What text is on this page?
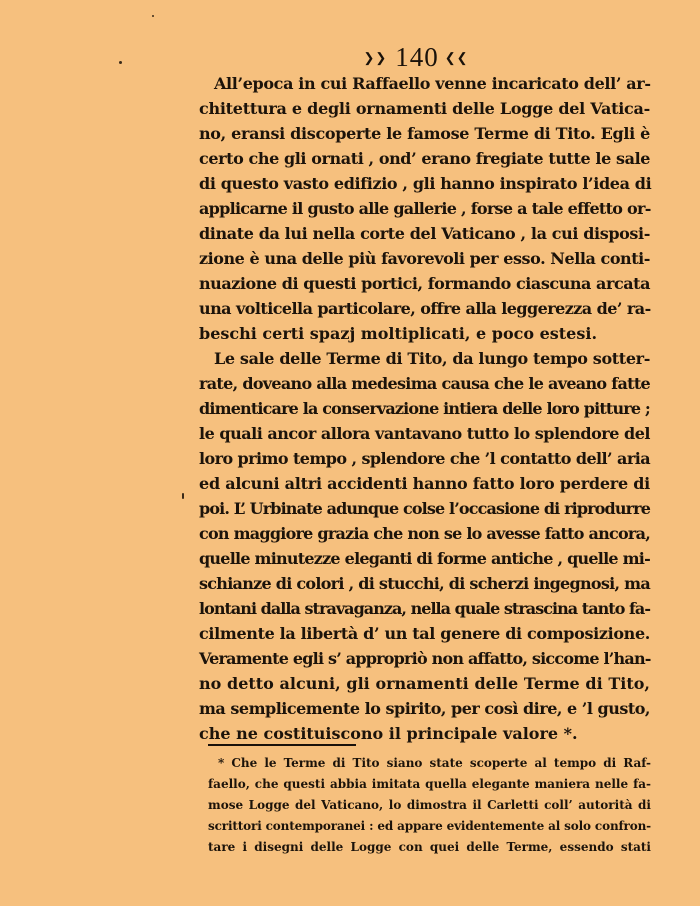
❯❯ 140 ❮❮
All’epoca in cui Raffaello venne incaricato dell’ ar-
chitettura e degli ornamenti delle Logge del Vatica-
no, eransi discoperte le famose Terme di Tito. Egli è
certo che gli ornati , ond’ erano fregiate tutte le sale
di questo vasto edifizio , gli hanno inspirato l’idea di
applicarne il gusto alle gallerie , forse a tale effetto or-
dinate da lui nella corte del Vaticano , la cui disposi-
zione è una delle più favorevoli per esso. Nella conti-
nuazione di questi portici, formando ciascuna arcata
una volticella particolare, offre alla leggerezza de’ ra-
beschi certi spazj moltiplicati, e poco estesi.
Le sale delle Terme di Tito, da lungo tempo sotter-
rate, doveano alla medesima causa che le aveano fatte
dimenticare la conservazione intiera delle loro pitture ;
le quali ancor allora vantavano tutto lo splendore del
loro primo tempo , splendore che ’l contatto dell’ aria
ed alcuni altri accidenti hanno fatto loro perdere di
poi. L’ Urbinate adunque colse l’occasione di riprodurre
con maggiore grazia che non se lo avesse fatto ancora,
quelle minutezze eleganti di forme antiche , quelle mi-
schianze di colori , di stucchi, di scherzi ingegnosi, ma
lontani dalla stravaganza, nella quale strascina tanto fa-
cilmente la libertà d’ un tal genere di composizione.
Veramente egli s’ appropriò non affatto, siccome l’han-
no detto alcuni, gli ornamenti delle Terme di Tito,
ma semplicemente lo spirito, per così dire, e ’l gusto,
che ne costituiscono il principale valore *.
* Che le Terme di Tito siano state scoperte al tempo di Raf-
faello, che questi abbia imitata quella elegante maniera nelle fa-
mose Logge del Vaticano, lo dimostra il Carletti coll’ autorità di
scrittori contemporanei : ed appare evidentemente al solo confron-
tare i disegni delle Logge con quei delle Terme, essendo stati
